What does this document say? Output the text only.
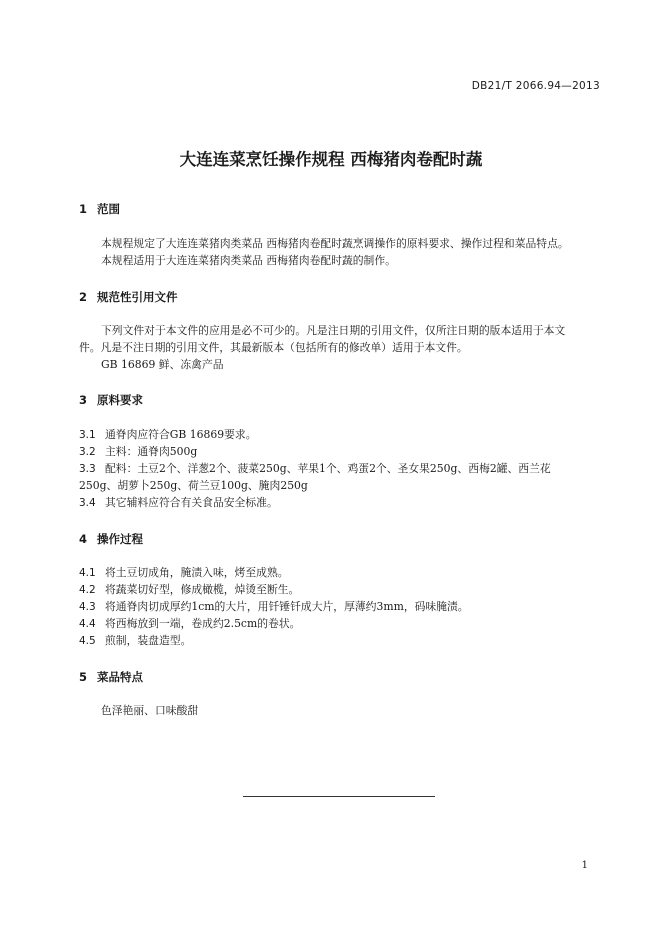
DB21/T 2066.94—2013
大连连菜烹饪操作规程 西梅猪肉卷配时蔬
1 范围
本规程规定了大连连菜猪肉类菜品 西梅猪肉卷配时蔬烹调操作的原料要求、操作过程和菜品特点。
本规程适用于大连连菜猪肉类菜品 西梅猪肉卷配时蔬的制作。
2 规范性引用文件
下列文件对于本文件的应用是必不可少的。凡是注日期的引用文件，仅所注日期的版本适用于本文
件。凡是不注日期的引用文件，其最新版本（包括所有的修改单）适用于本文件。
GB 16869 鲜、冻禽产品
3 原料要求
3.1 通脊肉应符合GB 16869要求。
3.2 主料：通脊肉500g
3.3 配料：土豆2个、洋葱2个、菠菜250g、苹果1个、鸡蛋2个、圣女果250g、西梅2罐、西兰花
250g、胡萝卜250g、荷兰豆100g、腌肉250g
3.4 其它辅料应符合有关食品安全标准。
4 操作过程
4.1 将土豆切成角，腌渍入味，烤至成熟。
4.2 将蔬菜切好型，修成橄榄，焯烫至断生。
4.3 将通脊肉切成厚约1cm的大片，用钎锤钎成大片，厚薄约3mm，码味腌渍。
4.4 将西梅放到一端，卷成约2.5cm的卷状。
4.5 煎制，装盘造型。
5 菜品特点
色泽艳丽、口味酸甜
1
